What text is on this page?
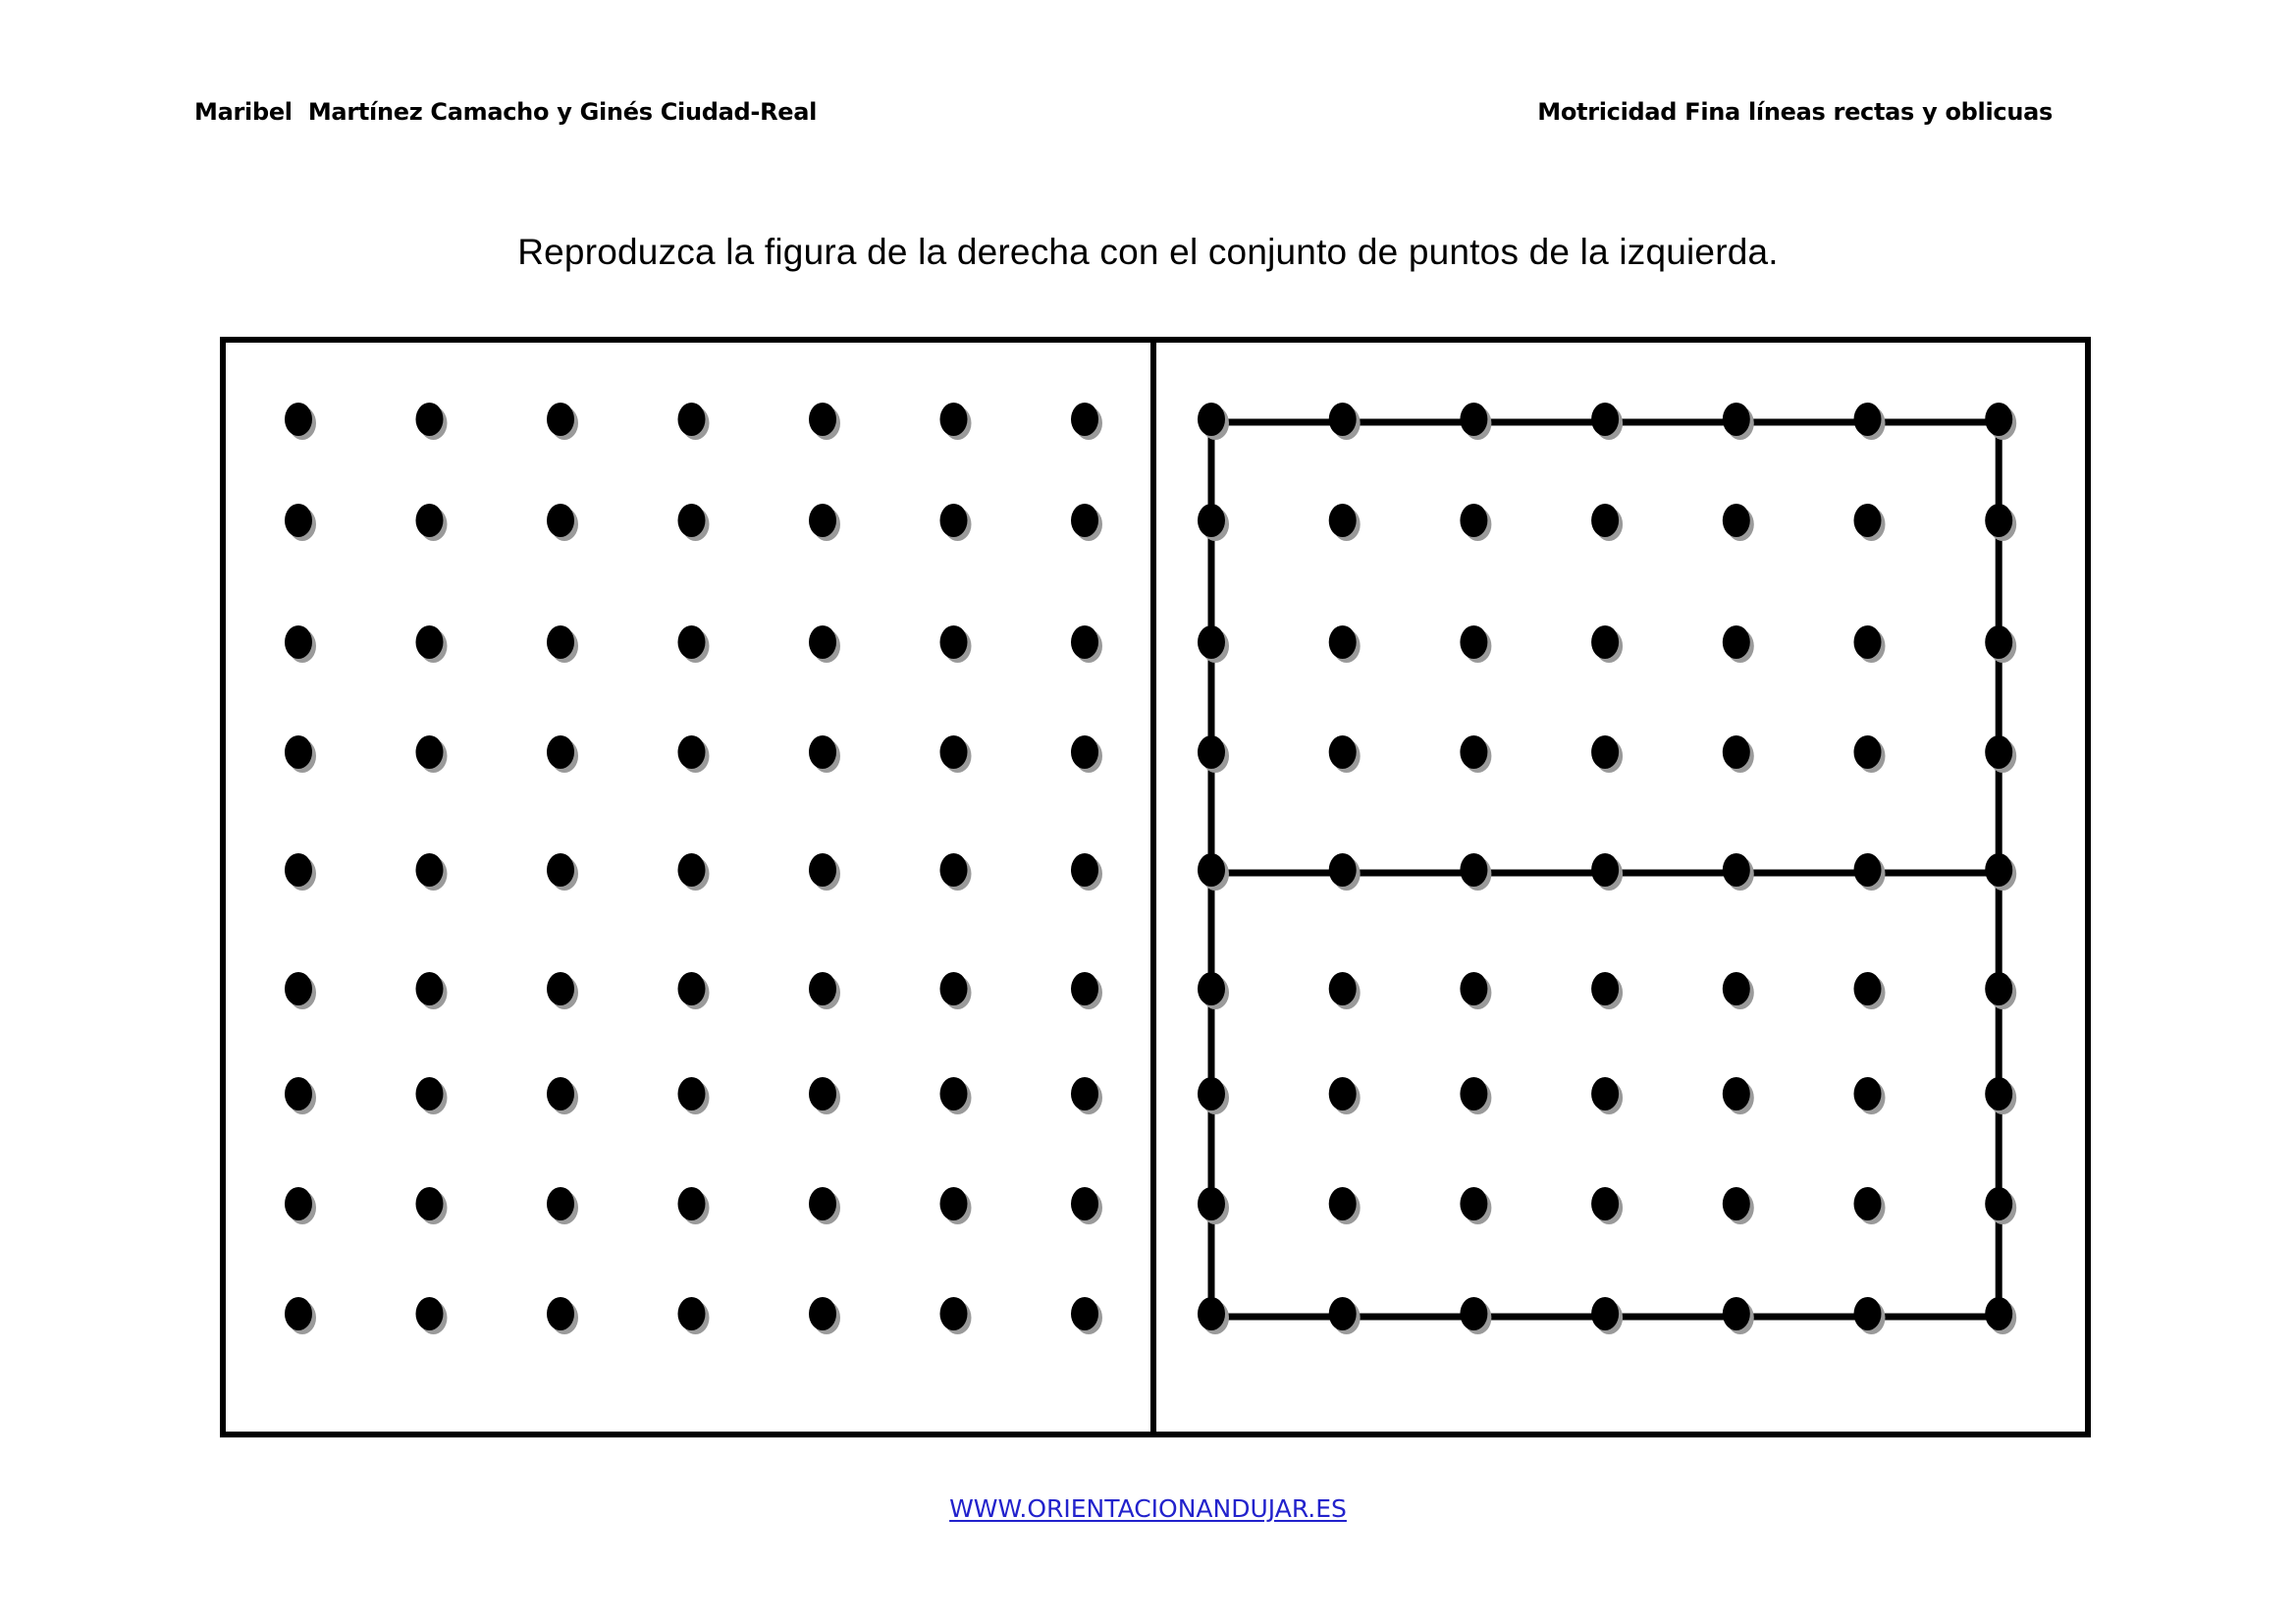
Maribel  Martínez Camacho y Ginés Ciudad-Real	Motricidad Fina líneas rectas y oblicuas
Reproduzca la figura de la derecha con el conjunto de puntos de la izquierda.
WWW.ORIENTACIONANDUJAR.ES
